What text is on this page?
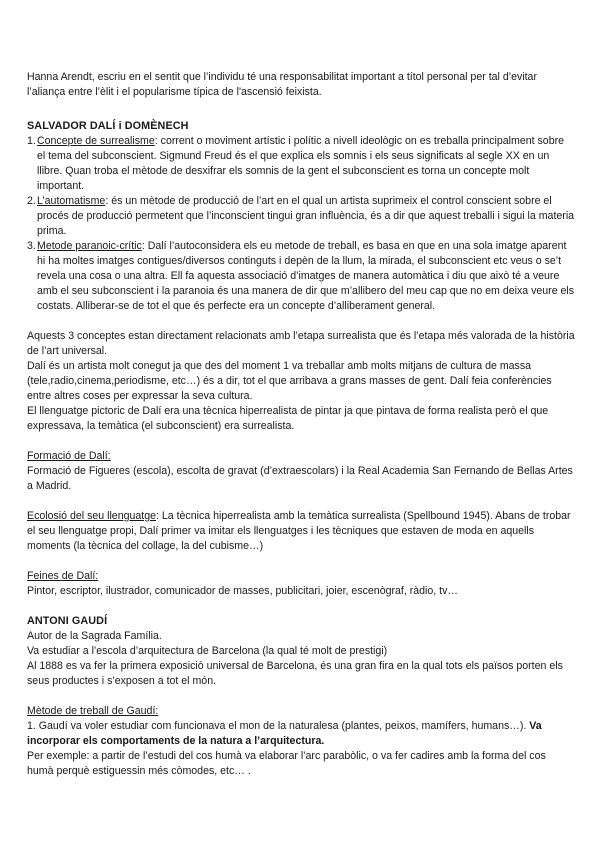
Hanna Arendt, escriu en el sentit que l’individu té una responsabilitat important a títol personal per tal d’evitar l’aliança entre l’èlit i el popularisme típica de l'ascensió feixista.

SALVADOR DALÍ i DOMÈNECH

1. Concepte de surrealisme: corrent o moviment artístic i polític a nivell ideològic on es treballa principalment sobre el tema del subconscient. Sigmund Freud és el que explica els somnis i els seus significats al segle XX en un llibre. Quan troba el mètode de desxifrar els somnis de la gent el subconscient es torna un concepte molt important.
2. L’automatisme: és un mètode de producció de l’art en el qual un artista suprimeix el control conscient sobre el procés de producció permetent que l’inconscient tingui gran influència, és a dir que aquest treballi i sigui la materia prima.
3. Metode paranoic-crític: Dalí l’autoconsidera els eu metode de treball, es basa en que en una sola imatge aparent hi ha moltes imatges contigues/diversos continguts i depèn de la llum, la mirada, el subconscient etc veus o se’t revela una cosa o una altra. Ell fa aquesta associació d’imatges de manera automàtica i diu que això té a veure amb el seu subconscient i la paranoia és una manera de dir que m’allibero del meu cap que no em deixa veure els costats. Alliberar-se de tot el que és perfecte era un concepte d’alliberament general.

Aquests 3 conceptes estan directament relacionats amb l’etapa surrealista que és l’etapa més valorada de la història de l’art universal.

Dalí és un artista molt conegut ja que des del moment 1 va treballar amb molts mitjans de cultura de massa (tele,radio,cinema,periodisme, etc…) és a dir, tot el que arribava a grans masses de gent. Dalí feia conferències entre altres coses per expressar la seva cultura.

El llenguatge pictoric de Dalí era una tècnica hiperrealista de pintar ja que pintava de forma realista però el que expressava, la temàtica (el subconscient) era surrealista.

Formació de Dalí:

Formació de Figueres (escola), escolta de gravat (d’extraescolars) i la Real Academia San Fernando de Bellas Artes a Madrid.

Ecolosió del seu llenguatge: La tècnica hiperrealista amb la temàtica surrealista (Spellbound 1945). Abans de trobar el seu llenguatge propi, Dalí primer va imitar els llenguatges i les tècniques que estaven de moda en aquells moments (la tècnica del collage, la del cubisme…)

Feines de Dalí:

Pintor, escriptor, ilustrador, comunicador de masses, publicitari, joier, escenògraf, ràdio, tv…

ANTONI GAUDÍ

Autor de la Sagrada Família.

Va estudiar a l’escola d’arquitectura de Barcelona (la qual té molt de prestigi)

Al 1888 es va fer la primera exposició universal de Barcelona, és una gran fira en la qual tots els països porten els seus productes i s’exposen a tot el món.

Mètode de treball de Gaudí:

1. Gaudí va voler estudiar com funcionava el mon de la naturalesa (plantes, peixos, mamífers, humans…). Va incorporar els comportaments de la natura a l’arquitectura.

Per exemple: a partir de l’estudi del cos humà va elaborar l’arc parabòlic, o va fer cadires amb la forma del cos humà perquè estiguessin més còmodes, etc… .
